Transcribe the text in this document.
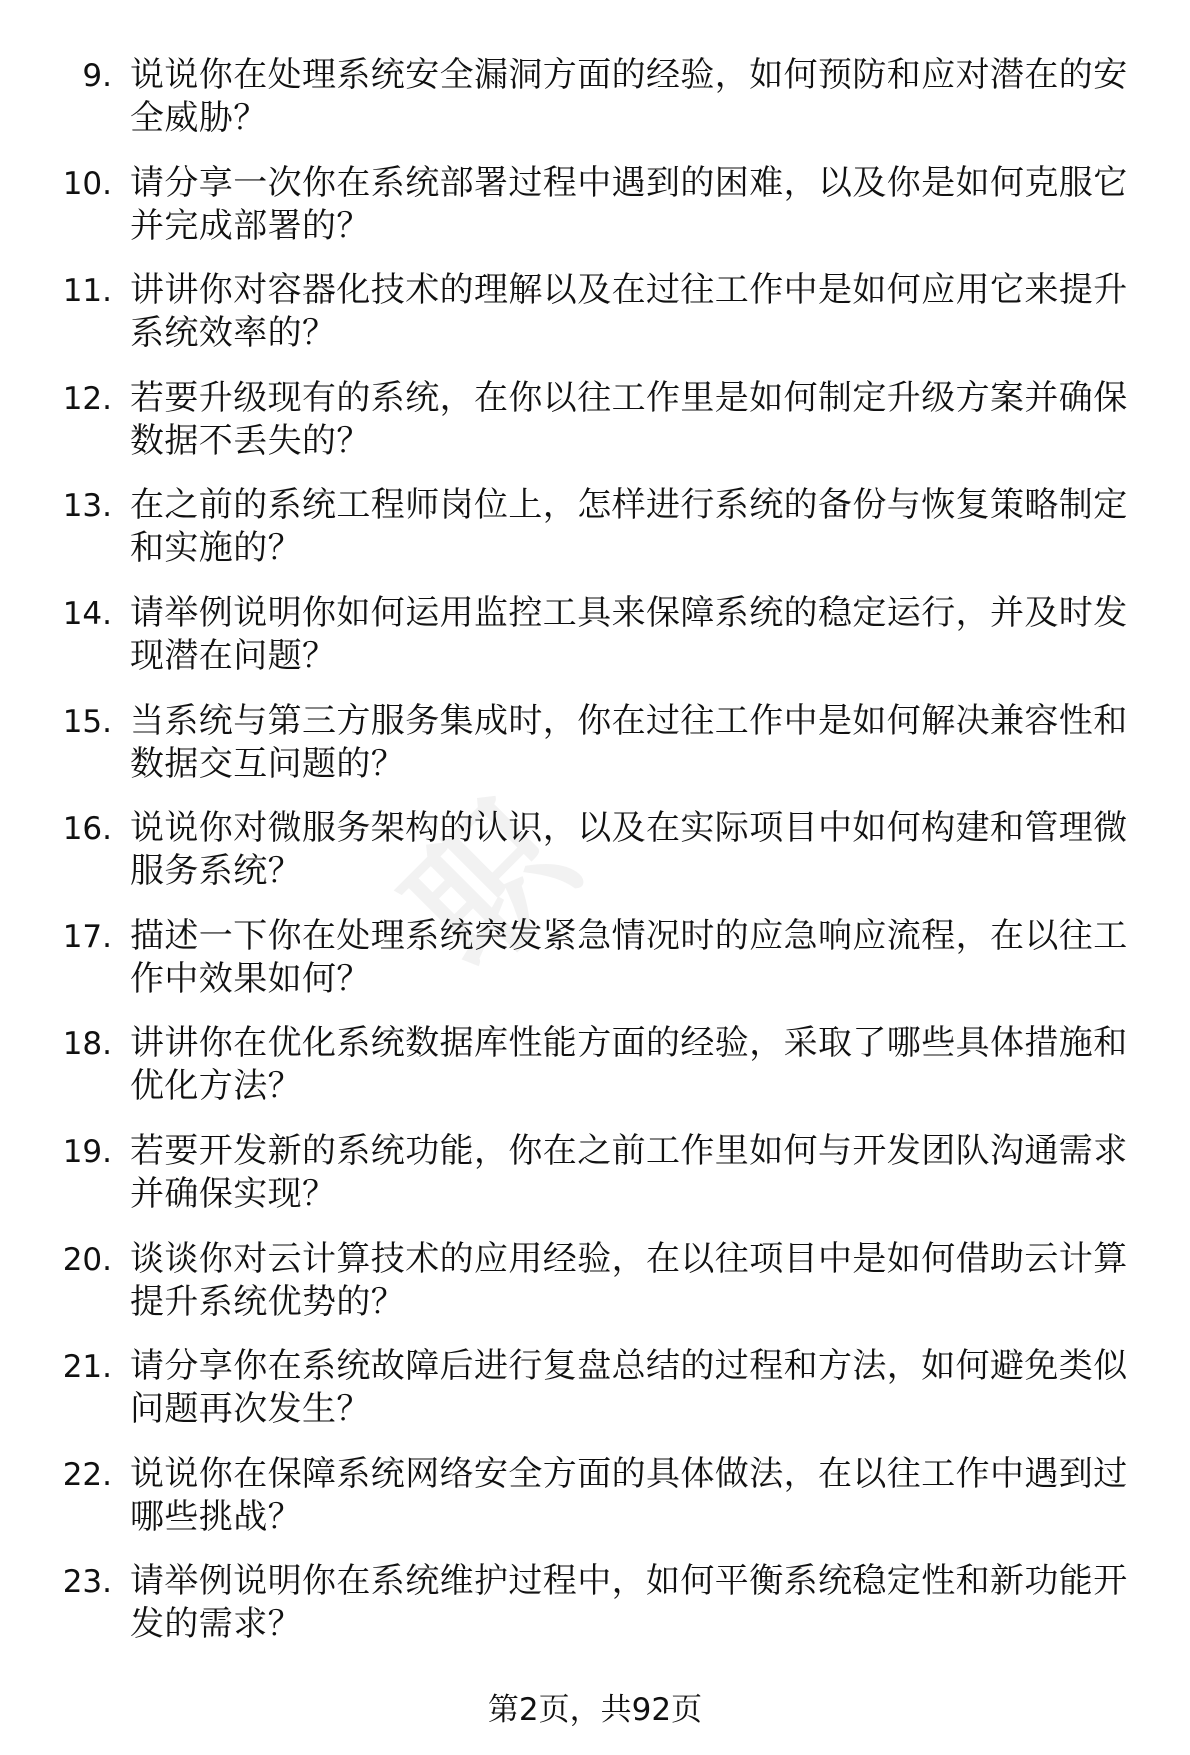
职
9. 说说你在处理系统安全漏洞方面的经验，如何预防和应对潜在的安全威胁？
10. 请分享一次你在系统部署过程中遇到的困难，以及你是如何克服它并完成部署的？
11. 讲讲你对容器化技术的理解以及在过往工作中是如何应用它来提升系统效率的？
12. 若要升级现有的系统，在你以往工作里是如何制定升级方案并确保数据不丢失的？
13. 在之前的系统工程师岗位上，怎样进行系统的备份与恢复策略制定和实施的？
14. 请举例说明你如何运用监控工具来保障系统的稳定运行，并及时发现潜在问题？
15. 当系统与第三方服务集成时，你在过往工作中是如何解决兼容性和数据交互问题的？
16. 说说你对微服务架构的认识，以及在实际项目中如何构建和管理微服务系统？
17. 描述一下你在处理系统突发紧急情况时的应急响应流程，在以往工作中效果如何？
18. 讲讲你在优化系统数据库性能方面的经验，采取了哪些具体措施和优化方法？
19. 若要开发新的系统功能，你在之前工作里如何与开发团队沟通需求并确保实现？
20. 谈谈你对云计算技术的应用经验，在以往项目中是如何借助云计算提升系统优势的？
21. 请分享你在系统故障后进行复盘总结的过程和方法，如何避免类似问题再次发生？
22. 说说你在保障系统网络安全方面的具体做法，在以往工作中遇到过哪些挑战？
23. 请举例说明你在系统维护过程中，如何平衡系统稳定性和新功能开发的需求？
第2页，共92页
